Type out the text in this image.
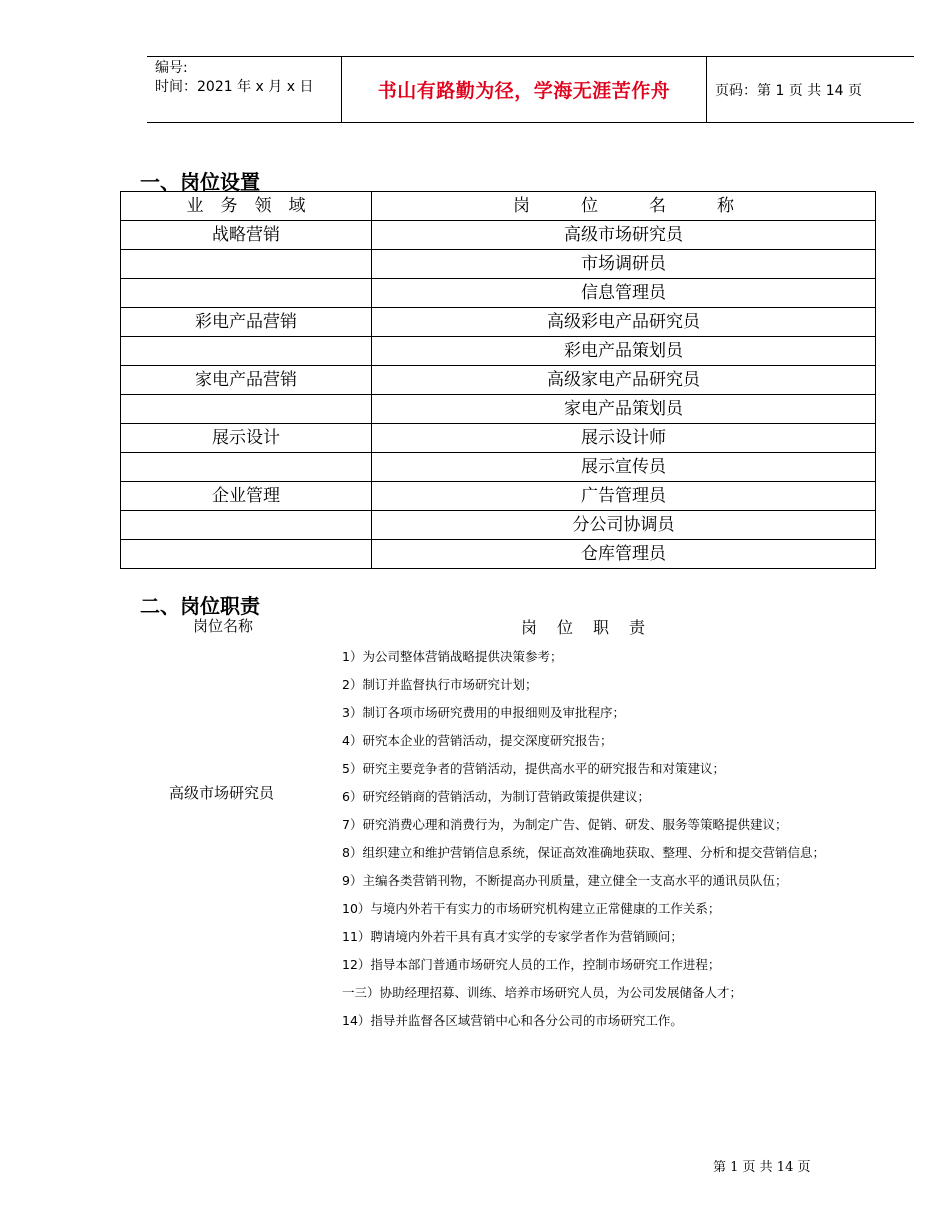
编号:
时间：2021 年 x 月 x 日	书山有路勤为径，学海无涯苦作舟	页码：第 1 页 共 14 页
一、岗位设置
业　务　领　域	岗　　　位　　　名　　　称
战略营销	高级市场研究员
	市场调研员
	信息管理员
彩电产品营销	高级彩电产品研究员
	彩电产品策划员
家电产品营销	高级家电产品研究员
	家电产品策划员
展示设计	展示设计师
	展示宣传员
企业管理	广告管理员
	分公司协调员
	仓库管理员
二、岗位职责
岗位名称	岗位职责
高级市场研究员
1）为公司整体营销战略提供决策参考；
2）制订并监督执行市场研究计划；
3）制订各项市场研究费用的申报细则及审批程序；
4）研究本企业的营销活动，提交深度研究报告；
5）研究主要竞争者的营销活动，提供高水平的研究报告和对策建议；
6）研究经销商的营销活动，为制订营销政策提供建议；
7）研究消费心理和消费行为，为制定广告、促销、研发、服务等策略提供建议；
8）组织建立和维护营销信息系统，保证高效准确地获取、整理、分析和提交营销信息；
9）主编各类营销刊物，不断提高办刊质量，建立健全一支高水平的通讯员队伍；
10）与境内外若干有实力的市场研究机构建立正常健康的工作关系；
11）聘请境内外若干具有真才实学的专家学者作为营销顾问；
12）指导本部门普通市场研究人员的工作，控制市场研究工作进程；
一三）协助经理招募、训练、培养市场研究人员，为公司发展储备人才；
14）指导并监督各区域营销中心和各分公司的市场研究工作。
第 1 页 共 14 页
